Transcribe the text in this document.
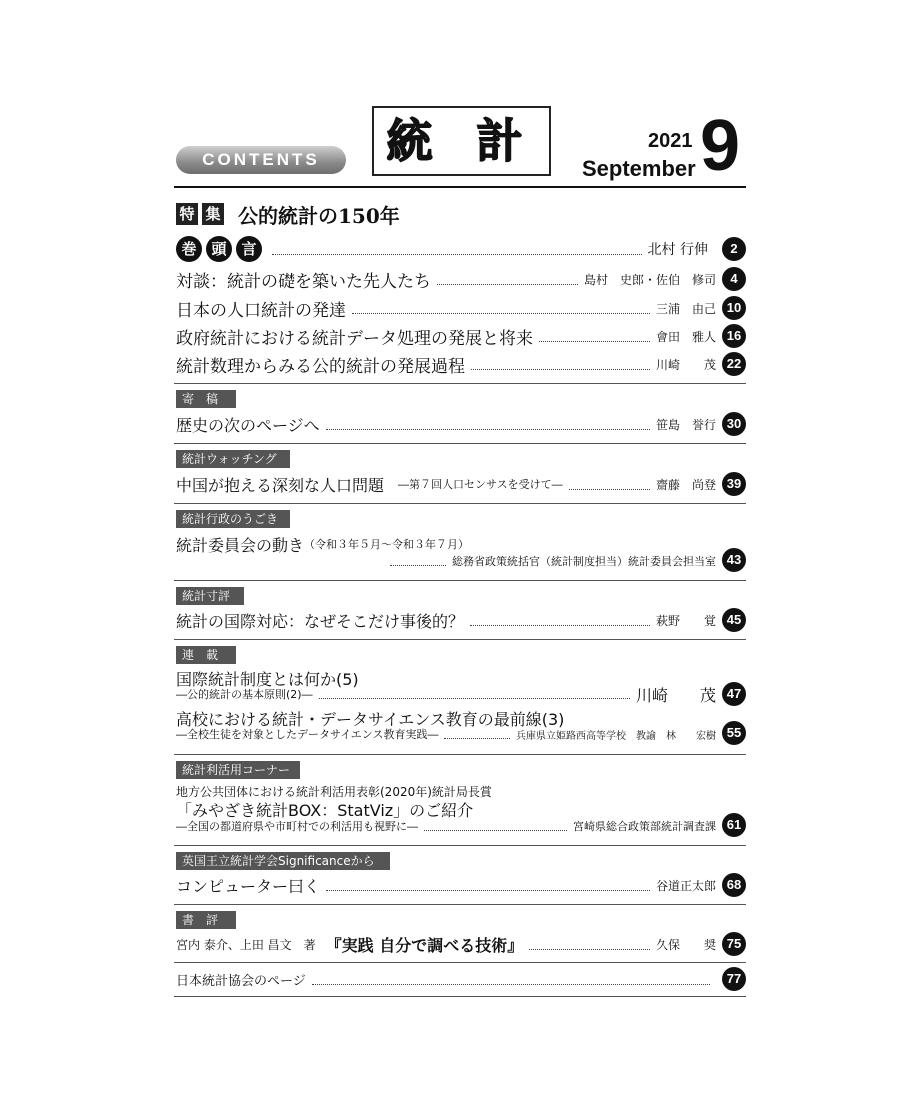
CONTENTS	統 計	2021
September 9
特 集 公的統計の150年
巻 頭 言	北村 行伸	2
対談：統計の礎を築いた先人たち	島村　史郎・佐伯　修司	4
日本の人口統計の発達	三浦　由己 10
政府統計における統計データ処理の発展と将来	會田　雅人 16
統計数理からみる公的統計の発展過程	川崎　　茂 22
寄　稿
歴史の次のページへ	笹島　誉行 30
統計ウォッチング
中国が抱える深刻な人口問題 ―第７回人口センサスを受けて―	齋藤　尚登 39
統計行政のうごき
統計委員会の動き （令和３年５月～令和３年７月）
総務省政策統括官（統計制度担当）統計委員会担当室 43
統計寸評
統計の国際対応：なぜそこだけ事後的？	萩野　　覚 45
連　載
国際統計制度とは何か(5)
―公的統計の基本原則(2)―	川崎　　茂 47
高校における統計・データサイエンス教育の最前線(3)
―全校生徒を対象としたデータサイエンス教育実践―	兵庫県立姫路西高等学校　教諭　林　　宏樹 55
統計利活用コーナー
地方公共団体における統計利活用表彰(2020年)統計局長賞
「みやざき統計BOX：StatViz」のご紹介
―全国の都道府県や市町村での利活用も視野に―	宮崎県総合政策部統計調査課 61
英国王立統計学会Significanceから
コンピューター曰く	谷道正太郎 68
書　評
宮内 泰介、上田 昌文　著 『実践 自分で調べる技術』	久保　　奨 75
日本統計協会のページ	77
